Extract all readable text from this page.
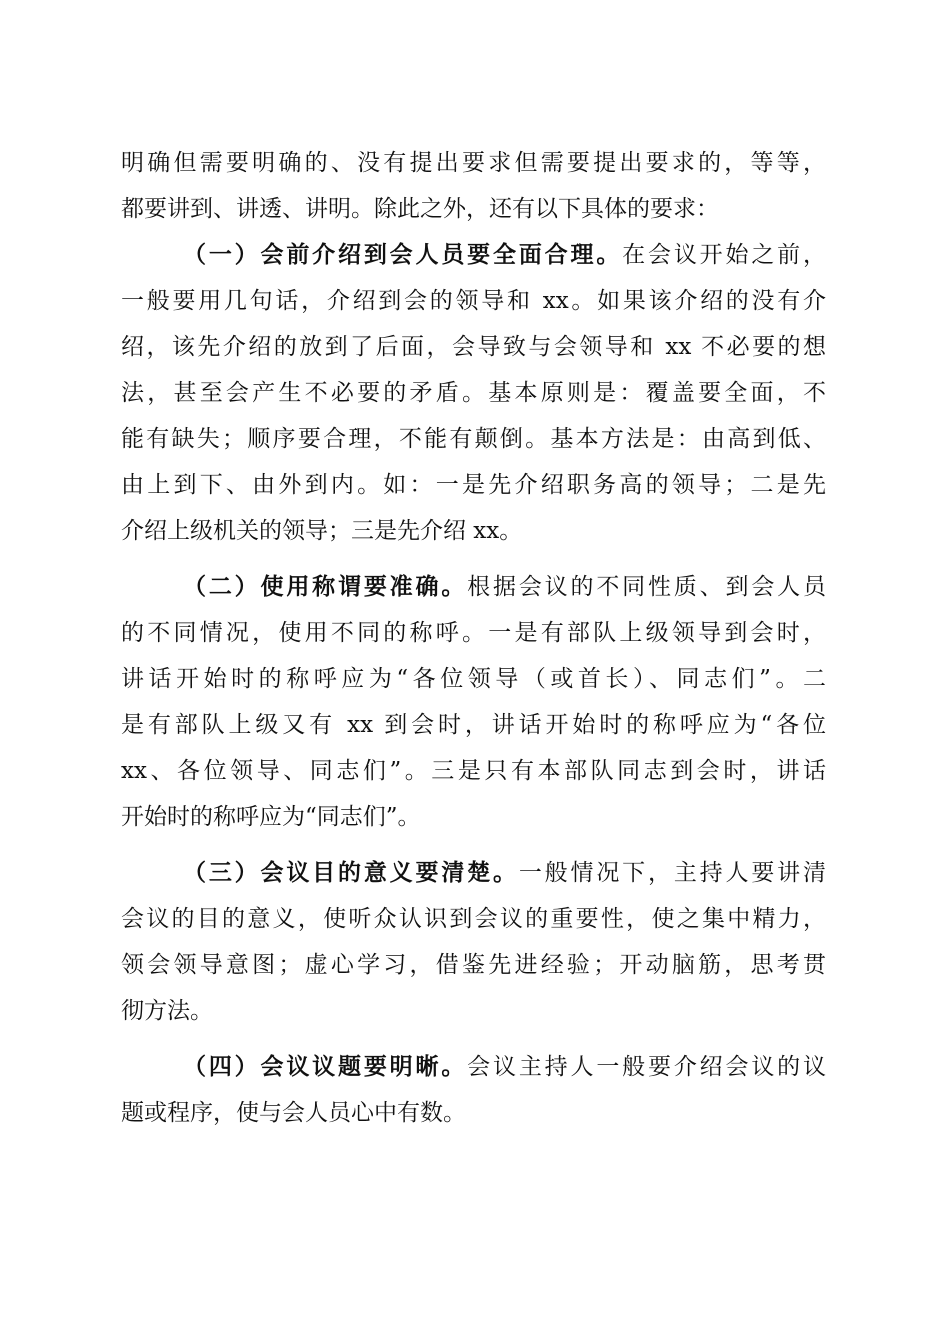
明确但需要明确的、没有提出要求但需要提出要求的，等等，
都要讲到、讲透、讲明。除此之外，还有以下具体的要求：
（一）会前介绍到会人员要全面合理。在会议开始之前，
一般要用几句话，介绍到会的领导和 xx。如果该介绍的没有介
绍，该先介绍的放到了后面，会导致与会领导和 xx 不必要的想
法，甚至会产生不必要的矛盾。基本原则是：覆盖要全面，不
能有缺失；顺序要合理，不能有颠倒。基本方法是：由高到低、
由上到下、由外到内。如：一是先介绍职务高的领导；二是先
介绍上级机关的领导；三是先介绍 xx。
（二）使用称谓要准确。根据会议的不同性质、到会人员
的不同情况，使用不同的称呼。一是有部队上级领导到会时，
讲话开始时的称呼应为“各位领导（或首长）、同志们”。二
是有部队上级又有 xx 到会时，讲话开始时的称呼应为“各位
xx、各位领导、同志们”。三是只有本部队同志到会时，讲话
开始时的称呼应为“同志们”。
（三）会议目的意义要清楚。一般情况下，主持人要讲清
会议的目的意义，使听众认识到会议的重要性，使之集中精力，
领会领导意图；虚心学习，借鉴先进经验；开动脑筋，思考贯
彻方法。
（四）会议议题要明晰。会议主持人一般要介绍会议的议
题或程序，使与会人员心中有数。
